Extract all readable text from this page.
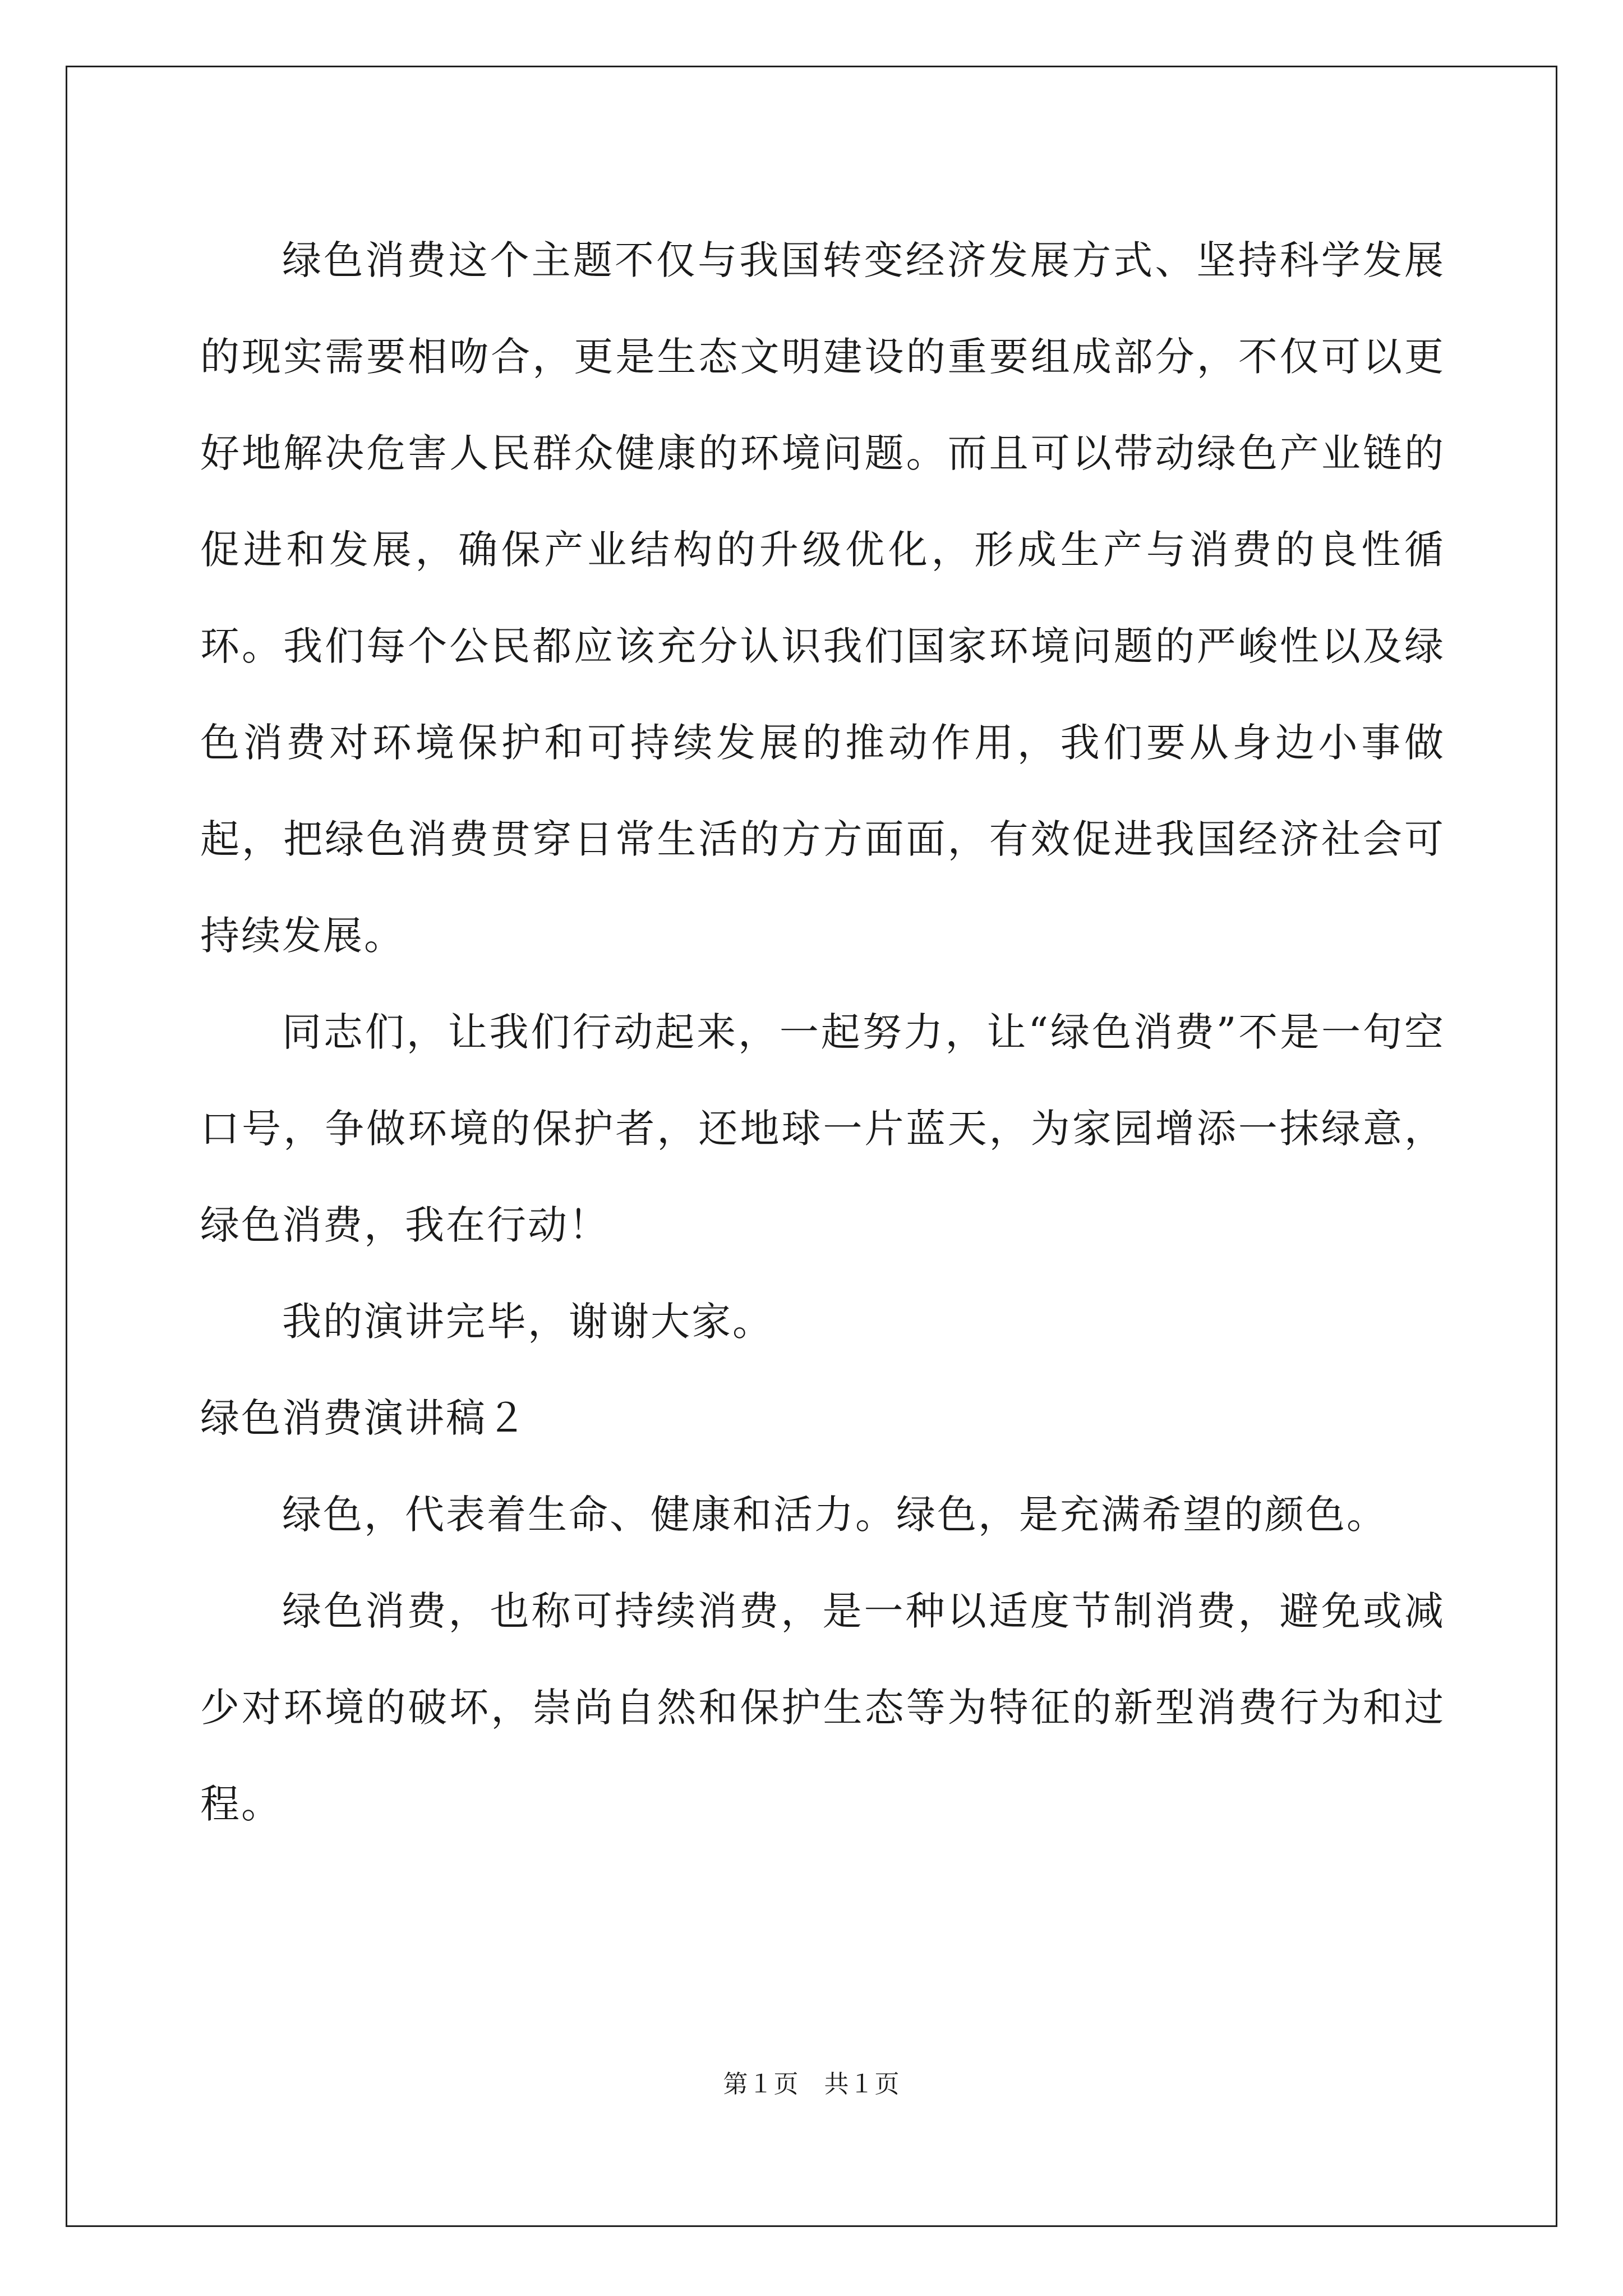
绿色消费这个主题不仅与我国转变经济发展方式、坚持科学发展的现实需要相吻合，更是生态文明建设的重要组成部分，不仅可以更好地解决危害人民群众健康的环境问题。而且可以带动绿色产业链的促进和发展，确保产业结构的升级优化，形成生产与消费的良性循环。我们每个公民都应该充分认识我们国家环境问题的严峻性以及绿色消费对环境保护和可持续发展的推动作用，我们要从身边小事做起，把绿色消费贯穿日常生活的方方面面，有效促进我国经济社会可持续发展。

同志们，让我们行动起来，一起努力，让“绿色消费”不是一句空口号，争做环境的保护者，还地球一片蓝天，为家园增添一抹绿意，绿色消费，我在行动！

我的演讲完毕，谢谢大家。

绿色消费演讲稿２

绿色，代表着生命、健康和活力。绿色，是充满希望的颜色。

绿色消费，也称可持续消费，是一种以适度节制消费，避免或减少对环境的破坏，崇尚自然和保护生态等为特征的新型消费行为和过程。

第１页　共１页
